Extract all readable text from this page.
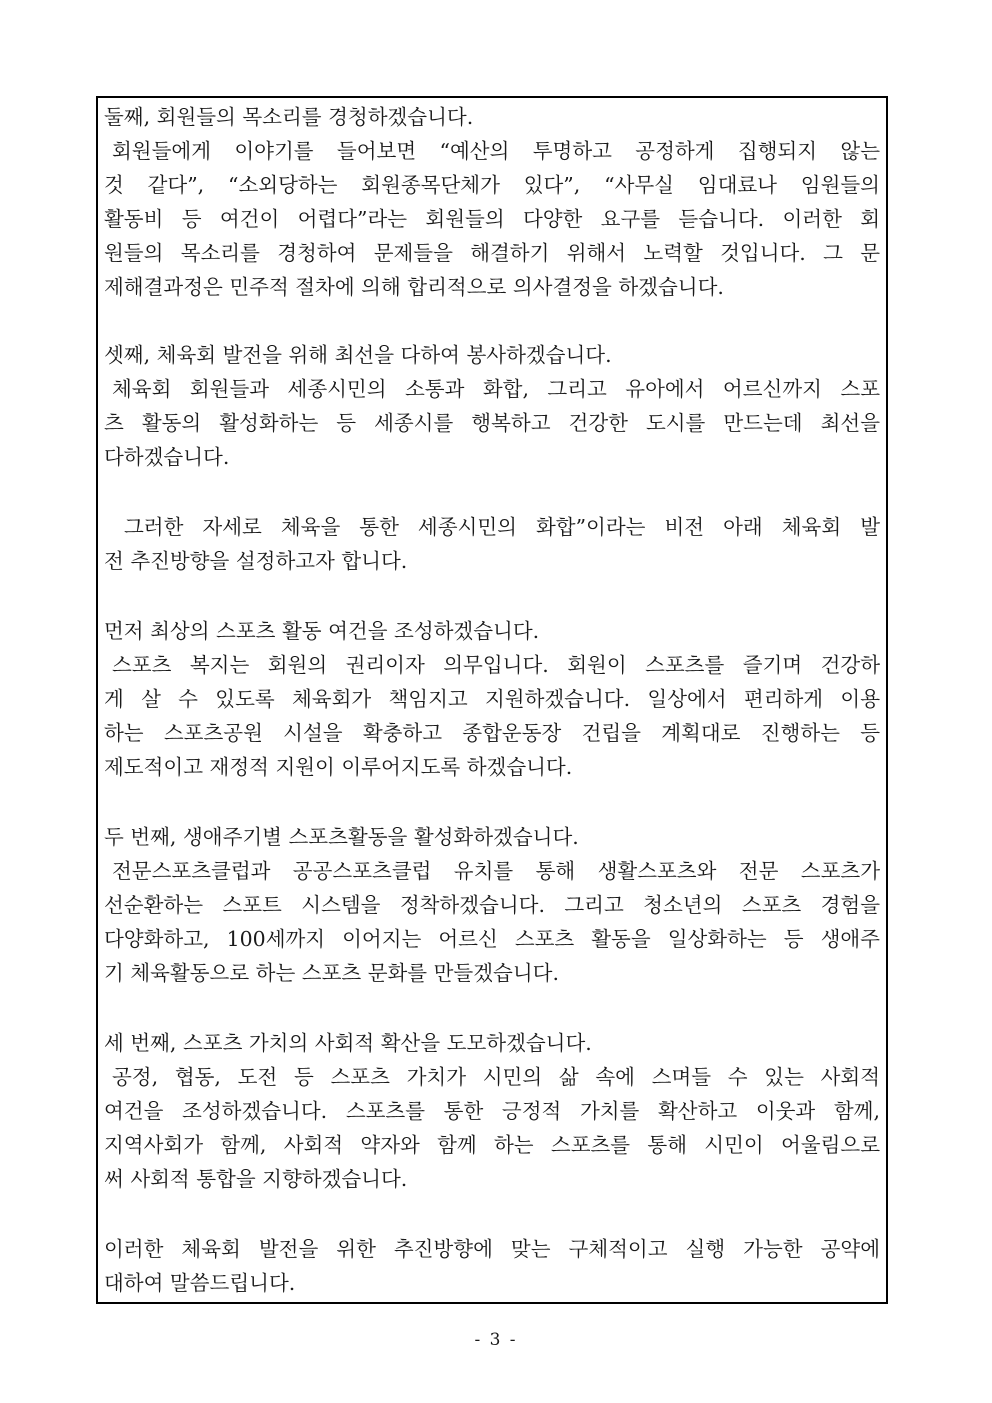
둘째, 회원들의 목소리를 경청하겠습니다.
회원들에게 이야기를 들어보면 “예산의 투명하고 공정하게 집행되지 않는
것 같다”, “소외당하는 회원종목단체가 있다”, “사무실 임대료나 임원들의
활동비 등 여건이 어렵다”라는 회원들의 다양한 요구를 듣습니다. 이러한 회
원들의 목소리를 경청하여 문제들을 해결하기 위해서 노력할 것입니다. 그 문
제해결과정은 민주적 절차에 의해 합리적으로 의사결정을 하겠습니다.
셋째, 체육회 발전을 위해 최선을 다하여 봉사하겠습니다.
체육회 회원들과 세종시민의 소통과 화합, 그리고 유아에서 어르신까지 스포
츠 활동의 활성화하는 등 세종시를 행복하고 건강한 도시를 만드는데 최선을
다하겠습니다.
그러한 자세로 체육을 통한 세종시민의 화합”이라는 비전 아래 체육회 발
전 추진방향을 설정하고자 합니다.
먼저 최상의 스포츠 활동 여건을 조성하겠습니다.
스포츠 복지는 회원의 권리이자 의무입니다. 회원이 스포츠를 즐기며 건강하
게 살 수 있도록 체육회가 책임지고 지원하겠습니다. 일상에서 편리하게 이용
하는 스포츠공원 시설을 확충하고 종합운동장 건립을 계획대로 진행하는 등
제도적이고 재정적 지원이 이루어지도록 하겠습니다.
두 번째, 생애주기별 스포츠활동을 활성화하겠습니다.
전문스포츠클럽과 공공스포츠클럽 유치를 통해 생활스포츠와 전문 스포츠가
선순환하는 스포트 시스템을 정착하겠습니다. 그리고 청소년의 스포츠 경험을
다양화하고, 100세까지 이어지는 어르신 스포츠 활동을 일상화하는 등 생애주
기 체육활동으로 하는 스포츠 문화를 만들겠습니다.
세 번째, 스포츠 가치의 사회적 확산을 도모하겠습니다.
공정, 협동, 도전 등 스포츠 가치가 시민의 삶 속에 스며들 수 있는 사회적
여건을 조성하겠습니다. 스포츠를 통한 긍정적 가치를 확산하고 이웃과 함께,
지역사회가 함께, 사회적 약자와 함께 하는 스포츠를 통해 시민이 어울림으로
써 사회적 통합을 지향하겠습니다.
이러한 체육회 발전을 위한 추진방향에 맞는 구체적이고 실행 가능한 공약에
대하여 말씀드립니다.
- 3 -
